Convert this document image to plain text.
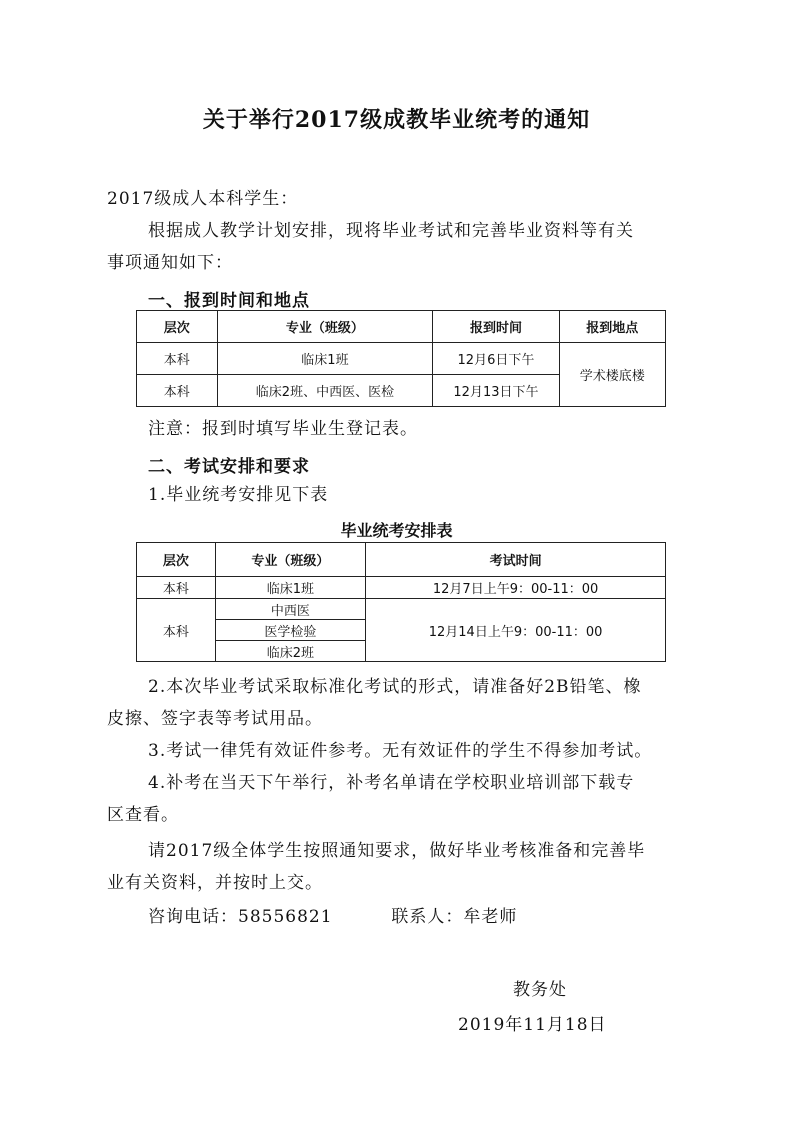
关于举行2017级成教毕业统考的通知
2017级成人本科学生：
根据成人教学计划安排，现将毕业考试和完善毕业资料等有关
事项通知如下：
一、报到时间和地点
层次	专业（班级）	报到时间	报到地点
本科	临床1班	12月6日下午	学术楼底楼
本科	临床2班、中西医、医检	12月13日下午	
注意：报到时填写毕业生登记表。
二、考试安排和要求
1.毕业统考安排见下表
毕业统考安排表
层次	专业（班级）	考试时间
本科	临床1班	12月7日上午9：00-11：00
本科	中西医	12月14日上午9：00-11：00
	医学检验	
	临床2班	
2.本次毕业考试采取标准化考试的形式，请准备好2B铅笔、橡
皮擦、签字表等考试用品。
3.考试一律凭有效证件参考。无有效证件的学生不得参加考试。
4.补考在当天下午举行，补考名单请在学校职业培训部下载专
区查看。
请2017级全体学生按照通知要求，做好毕业考核准备和完善毕
业有关资料，并按时上交。
咨询电话：58556821	联系人：牟老师
教务处
2019年11月18日
